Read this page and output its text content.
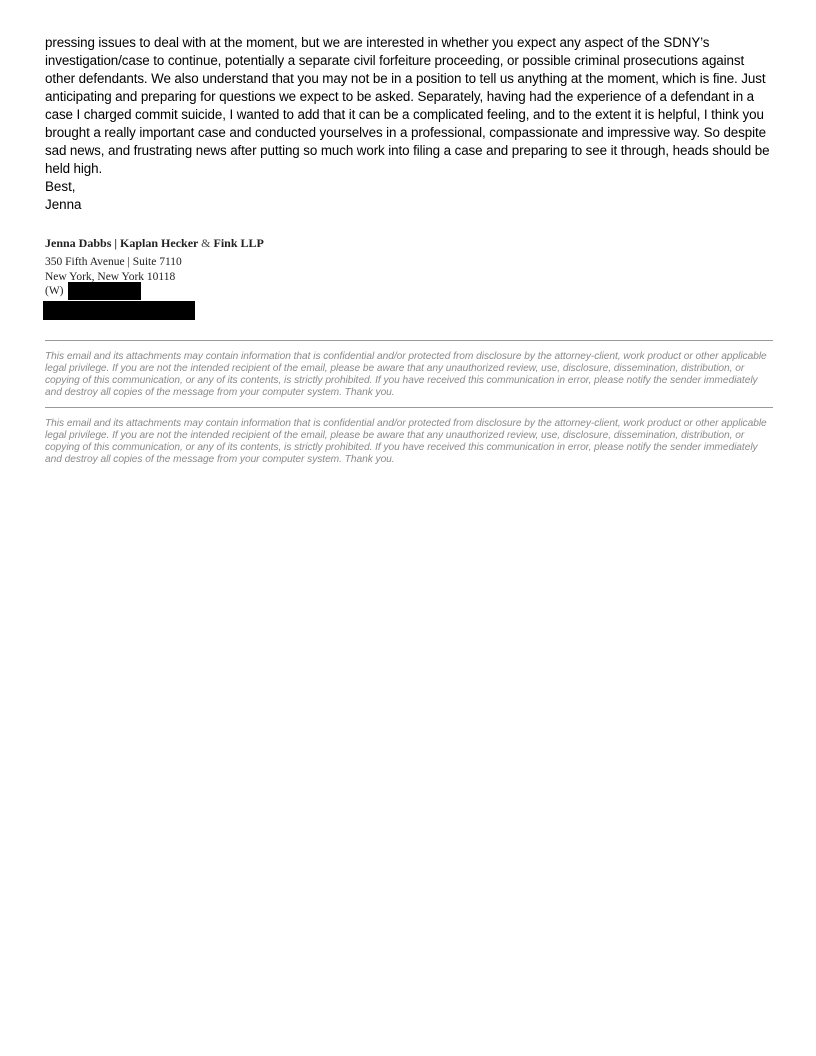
pressing issues to deal with at the moment, but we are interested in whether you expect any aspect of the SDNY’s investigation/case to continue, potentially a separate civil forfeiture proceeding, or possible criminal prosecutions against other defendants. We also understand that you may not be in a position to tell us anything at the moment, which is fine. Just anticipating and preparing for questions we expect to be asked. Separately, having had the experience of a defendant in a case I charged commit suicide, I wanted to add that it can be a complicated feeling, and to the extent it is helpful, I think you brought a really important case and conducted yourselves in a professional, compassionate and impressive way. So despite sad news, and frustrating news after putting so much work into filing a case and preparing to see it through, heads should be held high.

Best,
Jenna
Jenna Dabbs | Kaplan Hecker & Fink LLP
350 Fifth Avenue | Suite 7110
New York, New York 10118
(W)

This email and its attachments may contain information that is confidential and/or protected from disclosure by the attorney-client, work product or other applicable legal privilege. If you are not the intended recipient of the email, please be aware that any unauthorized review, use, disclosure, dissemination, distribution, or copying of this communication, or any of its contents, is strictly prohibited. If you have received this communication in error, please notify the sender immediately and destroy all copies of the message from your computer system. Thank you.

This email and its attachments may contain information that is confidential and/or protected from disclosure by the attorney-client, work product or other applicable legal privilege. If you are not the intended recipient of the email, please be aware that any unauthorized review, use, disclosure, dissemination, distribution, or copying of this communication, or any of its contents, is strictly prohibited. If you have received this communication in error, please notify the sender immediately and destroy all copies of the message from your computer system. Thank you.
